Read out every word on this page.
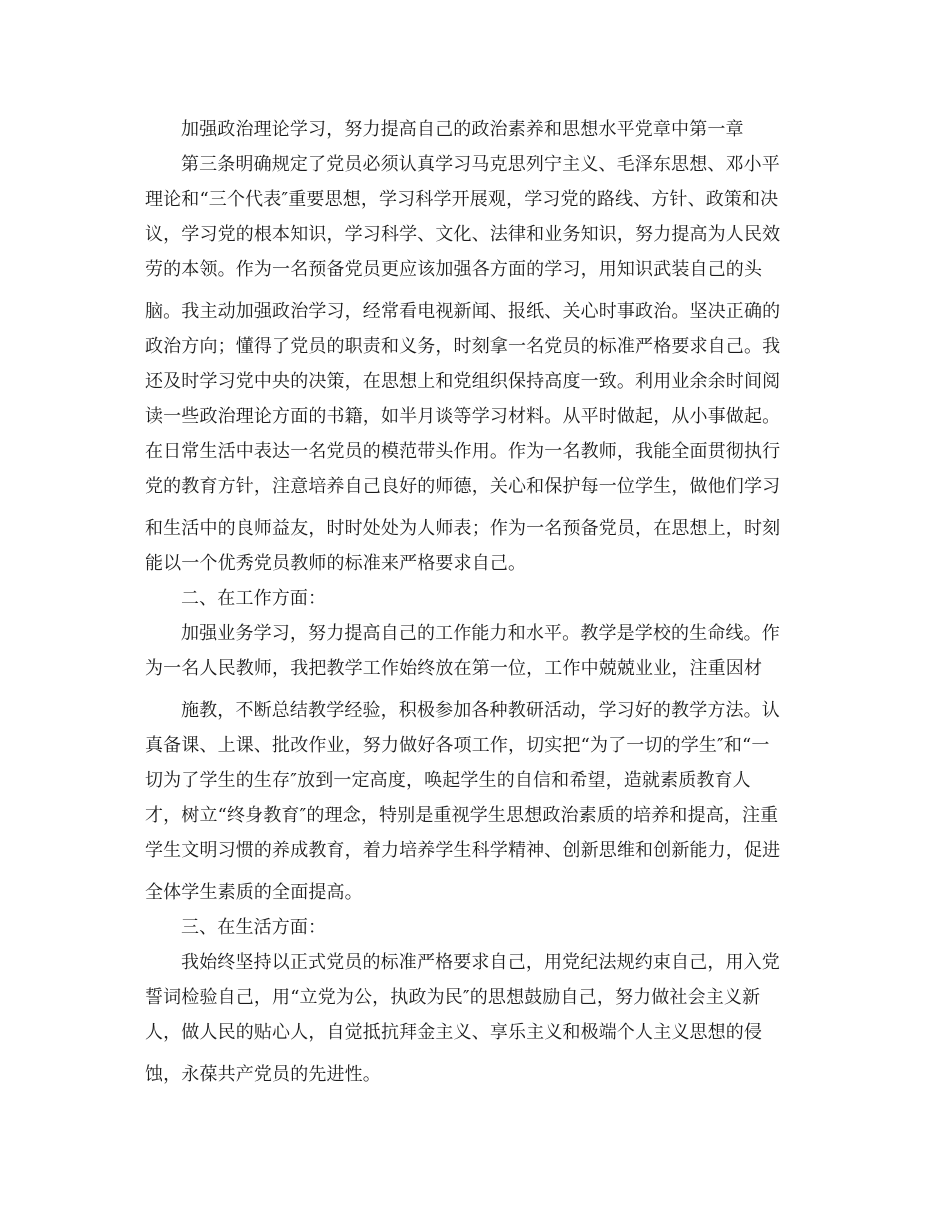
加强政治理论学习，努力提高自己的政治素养和思想水平党章中第一章
第三条明确规定了党员必须认真学习马克思列宁主义、毛泽东思想、邓小平
理论和“三个代表″重要思想，学习科学开展观，学习党的路线、方针、政策和决
议，学习党的根本知识，学习科学、文化、法律和业务知识，努力提高为人民效
劳的本领。作为一名预备党员更应该加强各方面的学习，用知识武装自己的头
脑。我主动加强政治学习，经常看电视新闻、报纸、关心时事政治。坚决正确的
政治方向；懂得了党员的职责和义务，时刻拿一名党员的标准严格要求自己。我
还及时学习党中央的决策，在思想上和党组织保持高度一致。利用业余余时间阅
读一些政治理论方面的书籍，如半月谈等学习材料。从平时做起，从小事做起。
在日常生活中表达一名党员的模范带头作用。作为一名教师，我能全面贯彻执行
党的教育方针，注意培养自己良好的师德，关心和保护每一位学生，做他们学习
和生活中的良师益友，时时处处为人师表；作为一名预备党员，在思想上，时刻
能以一个优秀党员教师的标准来严格要求自己。
二、在工作方面：
加强业务学习，努力提高自己的工作能力和水平。教学是学校的生命线。作
为一名人民教师，我把教学工作始终放在第一位，工作中兢兢业业，注重因材
施教，不断总结教学经验，积极参加各种教研活动，学习好的教学方法。认
真备课、上课、批改作业，努力做好各项工作，切实把“为了一切的学生″和“一
切为了学生的生存″放到一定高度，唤起学生的自信和希望，造就素质教育人
才，树立“终身教育″的理念，特别是重视学生思想政治素质的培养和提高，注重
学生文明习惯的养成教育，着力培养学生科学精神、创新思维和创新能力，促进
全体学生素质的全面提高。
三、在生活方面：
我始终坚持以正式党员的标准严格要求自己，用党纪法规约束自己，用入党
誓词检验自己，用“立党为公，执政为民″的思想鼓励自己，努力做社会主义新
人，做人民的贴心人，自觉抵抗拜金主义、享乐主义和极端个人主义思想的侵
蚀，永葆共产党员的先进性。
